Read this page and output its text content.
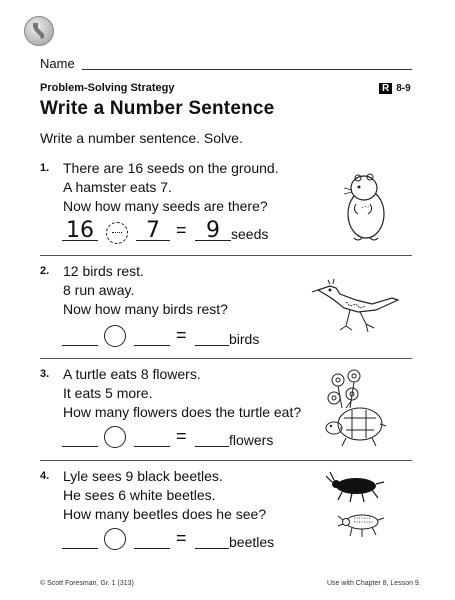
Name
Problem-Solving Strategy	R 8-9
Write a Number Sentence
Write a number sentence. Solve.
1. There are 16 seeds on the ground.
A hamster eats 7.
Now how many seeds are there?
16	7 = 9 seeds
2. 12 birds rest.
8 run away.
Now how many birds rest?
=	birds
3. A turtle eats 8 flowers.
It eats 5 more.
How many flowers does the turtle eat?
=	flowers
4. Lyle sees 9 black beetles.
He sees 6 white beetles.
How many beetles does he see?
=	beetles
© Scott Foresman, Gr. 1 (313)	Use with Chapter 8, Lesson 9.
